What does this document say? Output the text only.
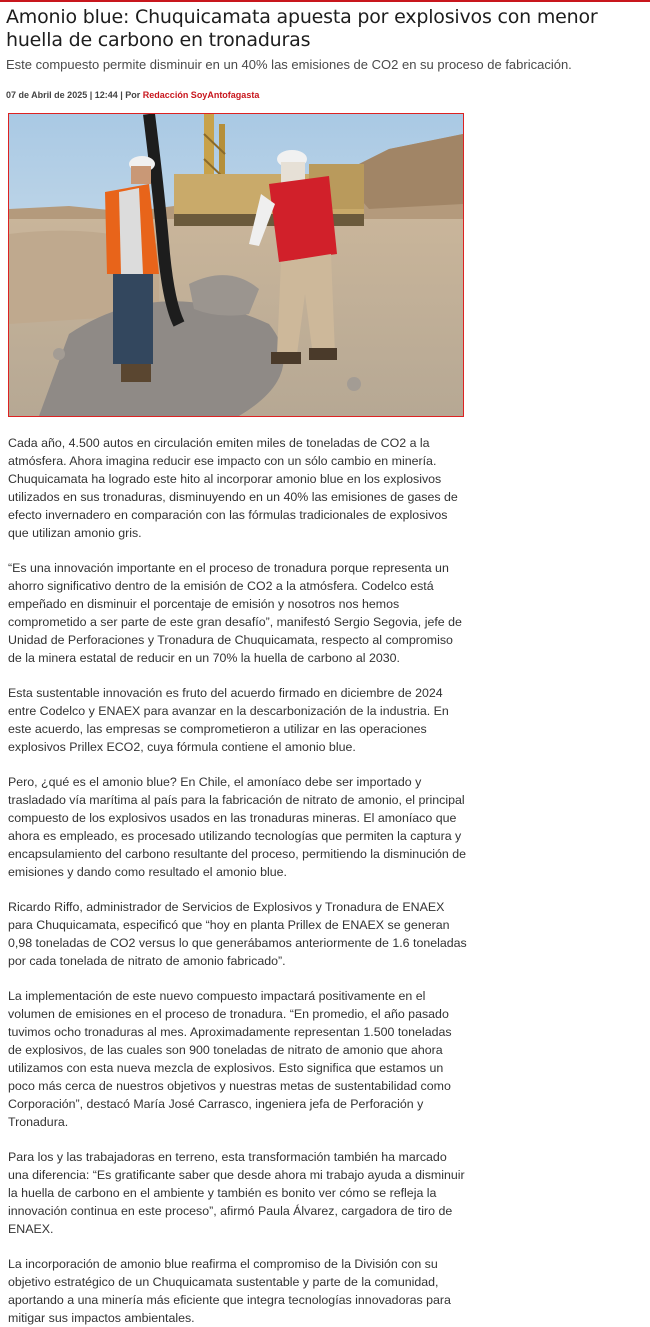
Amonio blue: Chuquicamata apuesta por explosivos con menor huella de carbono en tronaduras

Este compuesto permite disminuir en un 40% las emisiones de CO2 en su proceso de fabricación.

07 de Abril de 2025 | 12:44 | Por Redacción SoyAntofagasta

Cada año, 4.500 autos en circulación emiten miles de toneladas de CO2 a la atmósfera. Ahora imagina reducir ese impacto con un sólo cambio en minería. Chuquicamata ha logrado este hito al incorporar amonio blue en los explosivos utilizados en sus tronaduras, disminuyendo en un 40% las emisiones de gases de efecto invernadero en comparación con las fórmulas tradicionales de explosivos que utilizan amonio gris.

“Es una innovación importante en el proceso de tronadura porque representa un ahorro significativo dentro de la emisión de CO2 a la atmósfera. Codelco está empeñado en disminuir el porcentaje de emisión y nosotros nos hemos comprometido a ser parte de este gran desafío”, manifestó Sergio Segovia, jefe de Unidad de Perforaciones y Tronadura de Chuquicamata, respecto al compromiso de la minera estatal de reducir en un 70% la huella de carbono al 2030.

Esta sustentable innovación es fruto del acuerdo firmado en diciembre de 2024 entre Codelco y ENAEX para avanzar en la descarbonización de la industria. En este acuerdo, las empresas se comprometieron a utilizar en las operaciones explosivos Prillex ECO2, cuya fórmula contiene el amonio blue.

Pero, ¿qué es el amonio blue? En Chile, el amoníaco debe ser importado y trasladado vía marítima al país para la fabricación de nitrato de amonio, el principal compuesto de los explosivos usados en las tronaduras mineras. El amoníaco que ahora es empleado, es procesado utilizando tecnologías que permiten la captura y encapsulamiento del carbono resultante del proceso, permitiendo la disminución de emisiones y dando como resultado el amonio blue.

Ricardo Riffo, administrador de Servicios de Explosivos y Tronadura de ENAEX para Chuquicamata, especificó que “hoy en planta Prillex de ENAEX se generan 0,98 toneladas de CO2 versus lo que generábamos anteriormente de 1.6 toneladas por cada tonelada de nitrato de amonio fabricado”.

La implementación de este nuevo compuesto impactará positivamente en el volumen de emisiones en el proceso de tronadura. “En promedio, el año pasado tuvimos ocho tronaduras al mes. Aproximadamente representan 1.500 toneladas de explosivos, de las cuales son 900 toneladas de nitrato de amonio que ahora utilizamos con esta nueva mezcla de explosivos. Esto significa que estamos un poco más cerca de nuestros objetivos y nuestras metas de sustentabilidad como Corporación”, destacó María José Carrasco, ingeniera jefa de Perforación y Tronadura.

Para los y las trabajadoras en terreno, esta transformación también ha marcado una diferencia: “Es gratificante saber que desde ahora mi trabajo ayuda a disminuir la huella de carbono en el ambiente y también es bonito ver cómo se refleja la innovación continua en este proceso”, afirmó Paula Álvarez, cargadora de tiro de ENAEX.

La incorporación de amonio blue reafirma el compromiso de la División con su objetivo estratégico de un Chuquicamata sustentable y parte de la comunidad, aportando a una minería más eficiente que integra tecnologías innovadoras para mitigar sus impactos ambientales.
